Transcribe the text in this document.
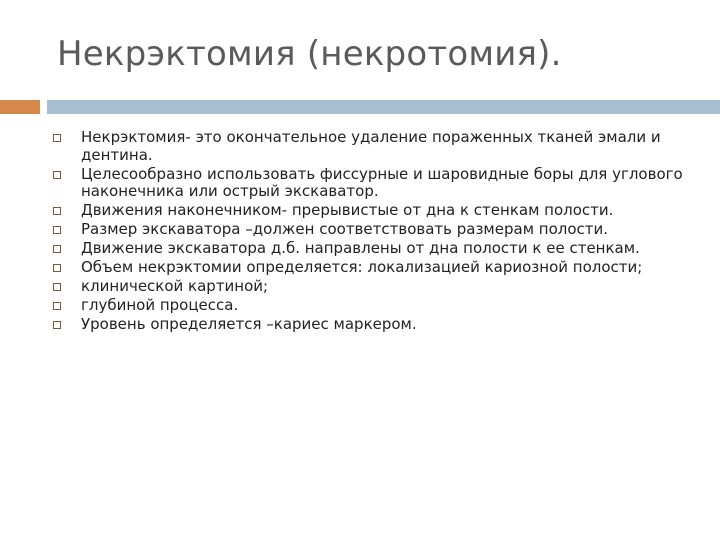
Некрэктомия (некротомия).
Некрэктомия- это окончательное удаление пораженных тканей эмали и дентина.
Целесообразно использовать фиссурные и шаровидные боры для углового наконечника или острый экскаватор.
Движения наконечником- прерывистые от дна к стенкам полости.
Размер экскаватора –должен соответствовать размерам полости.
Движение экскаватора д.б. направлены от дна полости к ее стенкам.
Объем некрэктомии определяется: локализацией кариозной полости;
клинической картиной;
глубиной процесса.
Уровень определяется –кариес маркером.
